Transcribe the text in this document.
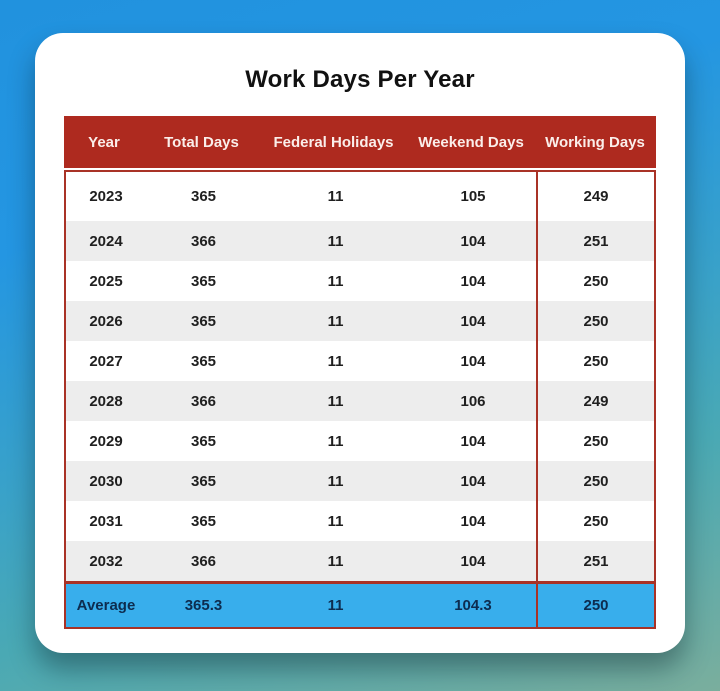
Work Days Per Year
Year	Total Days	Federal Holidays	Weekend Days	Working Days
2023	365	11	105	249
2024	366	11	104	251
2025	365	11	104	250
2026	365	11	104	250
2027	365	11	104	250
2028	366	11	106	249
2029	365	11	104	250
2030	365	11	104	250
2031	365	11	104	250
2032	366	11	104	251
Average	365.3	11	104.3	250
